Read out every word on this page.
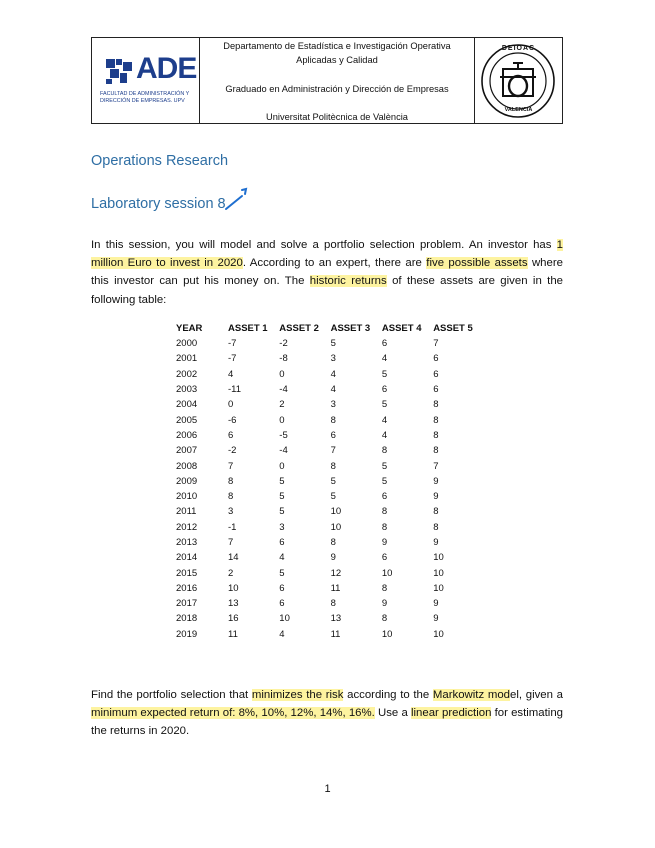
ADE
FACULTAD DE ADMINISTRACIÓN Y DIRECCIÓN DE EMPRESAS. UPV
Departamento de Estadística e Investigación Operativa
Aplicadas y Calidad
Graduado en Administración y Dirección de Empresas
Universitat Politècnica de València
DEIOAC
VALENCIA
Operations Research
Laboratory session 8
In this session, you will model and solve a portfolio selection problem. An investor has 1 million Euro to invest in 2020. According to an expert, there are five possible assets where this investor can put his money on. The historic returns of these assets are given in the following table:
YEAR	ASSET 1	ASSET 2	ASSET 3	ASSET 4	ASSET 5
2000	-7	-2	5	6	7
2001	-7	-8	3	4	6
2002	4	0	4	5	6
2003	-11	-4	4	6	6
2004	0	2	3	5	8
2005	-6	0	8	4	8
2006	6	-5	6	4	8
2007	-2	-4	7	8	8
2008	7	0	8	5	7
2009	8	5	5	5	9
2010	8	5	5	6	9
2011	3	5	10	8	8
2012	-1	3	10	8	8
2013	7	6	8	9	9
2014	14	4	9	6	10
2015	2	5	12	10	10
2016	10	6	11	8	10
2017	13	6	8	9	9
2018	16	10	13	8	9
2019	11	4	11	10	10
Find the portfolio selection that minimizes the risk according to the Markowitz model, given a minimum expected return of: 8%, 10%, 12%, 14%, 16%. Use a linear prediction for estimating the returns in 2020.
1
